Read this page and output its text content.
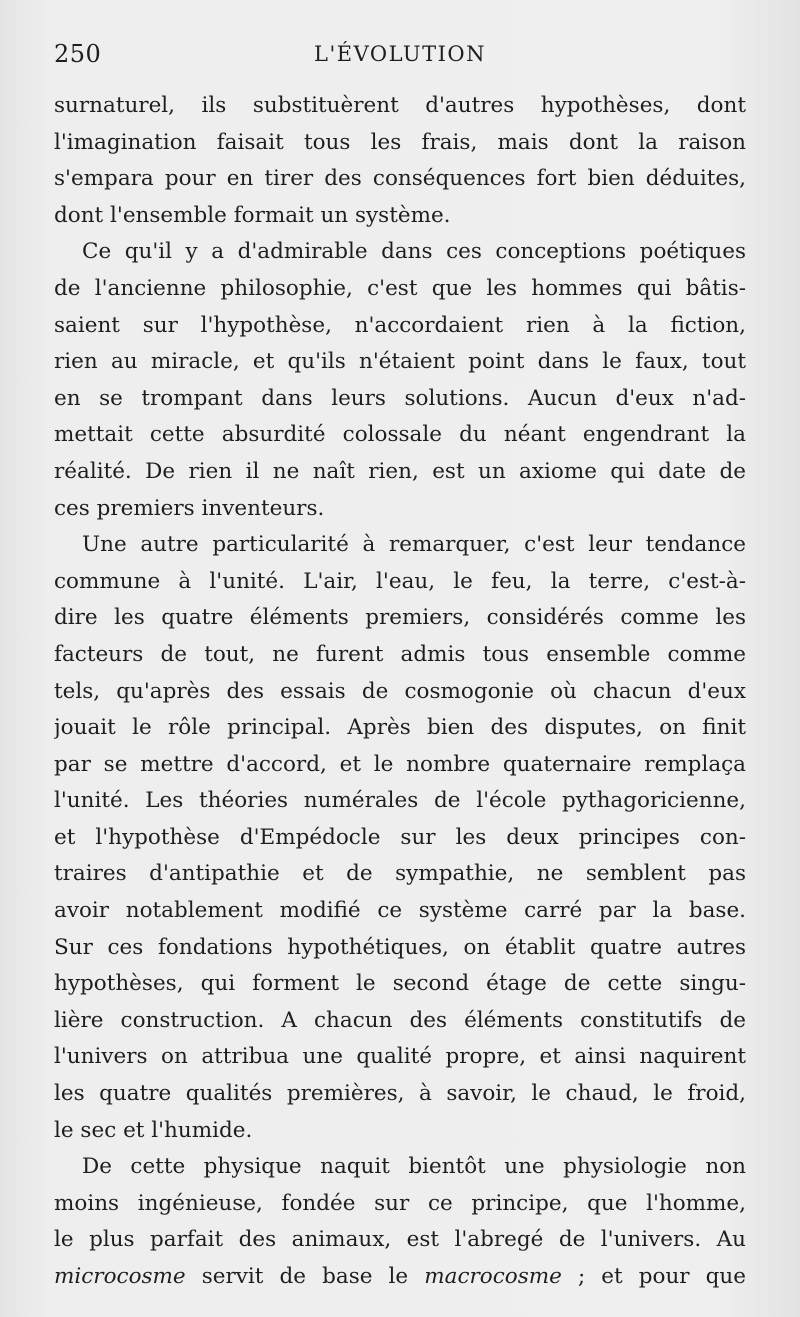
250	L'ÉVOLUTION
surnaturel, ils substituèrent d'autres hypothèses, dont
l'imagination faisait tous les frais, mais dont la raison
s'empara pour en tirer des conséquences fort bien déduites,
dont l'ensemble formait un système.
Ce qu'il y a d'admirable dans ces conceptions poétiques
de l'ancienne philosophie, c'est que les hommes qui bâtis-
saient sur l'hypothèse, n'accordaient rien à la fiction,
rien au miracle, et qu'ils n'étaient point dans le faux, tout
en se trompant dans leurs solutions. Aucun d'eux n'ad-
mettait cette absurdité colossale du néant engendrant la
réalité. De rien il ne naît rien, est un axiome qui date de
ces premiers inventeurs.
Une autre particularité à remarquer, c'est leur tendance
commune à l'unité. L'air, l'eau, le feu, la terre, c'est-à-
dire les quatre éléments premiers, considérés comme les
facteurs de tout, ne furent admis tous ensemble comme
tels, qu'après des essais de cosmogonie où chacun d'eux
jouait le rôle principal. Après bien des disputes, on finit
par se mettre d'accord, et le nombre quaternaire remplaça
l'unité. Les théories numérales de l'école pythagoricienne,
et l'hypothèse d'Empédocle sur les deux principes con-
traires d'antipathie et de sympathie, ne semblent pas
avoir notablement modifié ce système carré par la base.
Sur ces fondations hypothétiques, on établit quatre autres
hypothèses, qui forment le second étage de cette singu-
lière construction. A chacun des éléments constitutifs de
l'univers on attribua une qualité propre, et ainsi naquirent
les quatre qualités premières, à savoir, le chaud, le froid,
le sec et l'humide.
De cette physique naquit bientôt une physiologie non
moins ingénieuse, fondée sur ce principe, que l'homme,
le plus parfait des animaux, est l'abregé de l'univers. Au
microcosme servit de base le macrocosme ; et pour que
